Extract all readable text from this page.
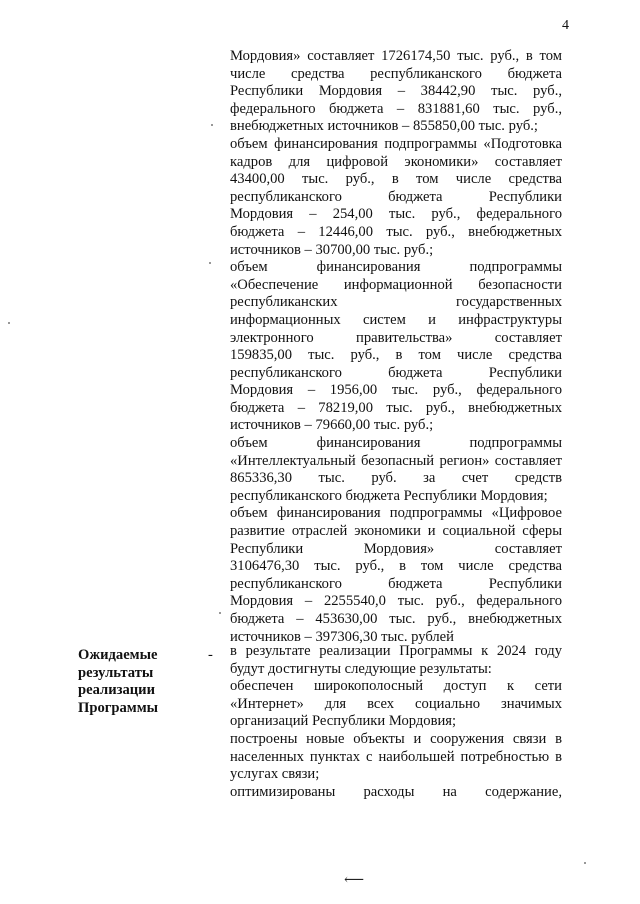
4
Мордовия» составляет 1726174,50 тыс. руб., в том
числе средства республиканского бюджета
Республики Мордовия – 38442,90 тыс. руб.,
федерального бюджета – 831881,60 тыс. руб.,
внебюджетных источников – 855850,00 тыс. руб.;
объем финансирования подпрограммы «Подготовка
кадров для цифровой экономики» составляет
43400,00 тыс. руб., в том числе средства
республиканского бюджета Республики
Мордовия – 254,00 тыс. руб., федерального
бюджета – 12446,00 тыс. руб., внебюджетных
источников – 30700,00 тыс. руб.;
объем финансирования подпрограммы
«Обеспечение информационной безопасности
республиканских государственных
информационных систем и инфраструктуры
электронного правительства» составляет
159835,00 тыс. руб., в том числе средства
республиканского бюджета Республики
Мордовия – 1956,00 тыс. руб., федерального
бюджета – 78219,00 тыс. руб., внебюджетных
источников – 79660,00 тыс. руб.;
объем финансирования подпрограммы
«Интеллектуальный безопасный регион» составляет
865336,30 тыс. руб. за счет средств
республиканского бюджета Республики Мордовия;
объем финансирования подпрограммы «Цифровое
развитие отраслей экономики и социальной сферы
Республики Мордовия» составляет
3106476,30 тыс. руб., в том числе средства
республиканского бюджета Республики
Мордовия – 2255540,0 тыс. руб., федерального
бюджета – 453630,00 тыс. руб., внебюджетных
источников – 397306,30 тыс. рублей
Ожидаемые
результаты
реализации
Программы
- в результате реализации Программы к 2024 году
будут достигнуты следующие результаты:
обеспечен широкополосный доступ к сети
«Интернет» для всех социально значимых
организаций Республики Мордовия;
построены новые объекты и сооружения связи в
населенных пунктах с наибольшей потребностью в
услугах связи;
оптимизированы расходы на содержание,
⟵
